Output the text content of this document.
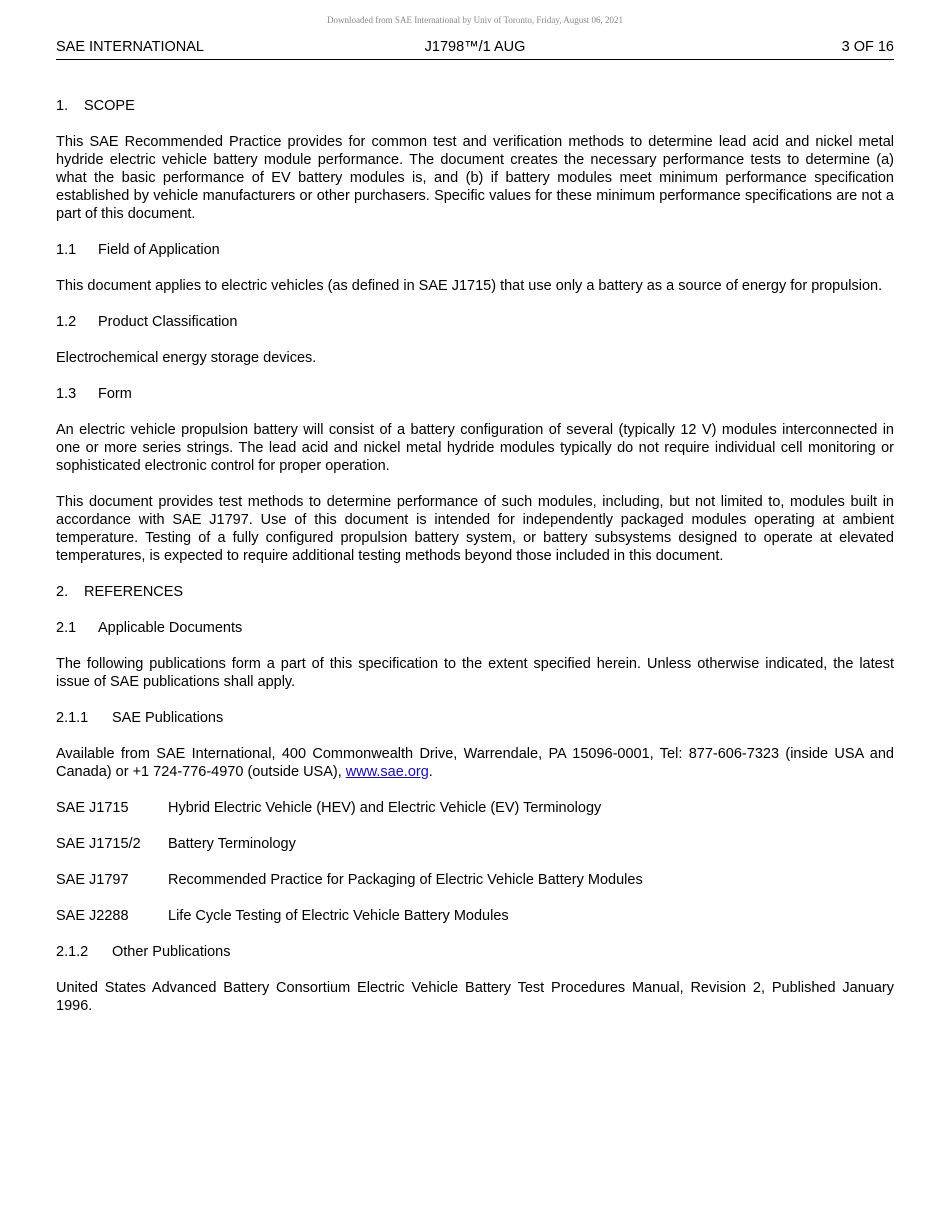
Downloaded from SAE International by Univ of Toronto, Friday, August 06, 2021
SAE INTERNATIONAL	J1798™/1 AUG	3 OF 16
1. SCOPE

This SAE Recommended Practice provides for common test and verification methods to determine lead acid and nickel metal hydride electric vehicle battery module performance. The document creates the necessary performance tests to determine (a) what the basic performance of EV battery modules is, and (b) if battery modules meet minimum performance specification established by vehicle manufacturers or other purchasers. Specific values for these minimum performance specifications are not a part of this document.

1.1 Field of Application

This document applies to electric vehicles (as defined in SAE J1715) that use only a battery as a source of energy for propulsion.

1.2 Product Classification

Electrochemical energy storage devices.

1.3 Form

An electric vehicle propulsion battery will consist of a battery configuration of several (typically 12 V) modules interconnected in one or more series strings. The lead acid and nickel metal hydride modules typically do not require individual cell monitoring or sophisticated electronic control for proper operation.

This document provides test methods to determine performance of such modules, including, but not limited to, modules built in accordance with SAE J1797. Use of this document is intended for independently packaged modules operating at ambient temperature. Testing of a fully configured propulsion battery system, or battery subsystems designed to operate at elevated temperatures, is expected to require additional testing methods beyond those included in this document.

2. REFERENCES
2.1 Applicable Documents

The following publications form a part of this specification to the extent specified herein. Unless otherwise indicated, the latest issue of SAE publications shall apply.

2.1.1 SAE Publications

Available from SAE International, 400 Commonwealth Drive, Warrendale, PA 15096-0001, Tel: 877-606-7323 (inside USA and Canada) or +1 724-776-4970 (outside USA), www.sae.org.

SAE J1715	Hybrid Electric Vehicle (HEV) and Electric Vehicle (EV) Terminology
SAE J1715/2	Battery Terminology
SAE J1797	Recommended Practice for Packaging of Electric Vehicle Battery Modules
SAE J2288	Life Cycle Testing of Electric Vehicle Battery Modules
2.1.2 Other Publications

United States Advanced Battery Consortium Electric Vehicle Battery Test Procedures Manual, Revision 2, Published January 1996.
